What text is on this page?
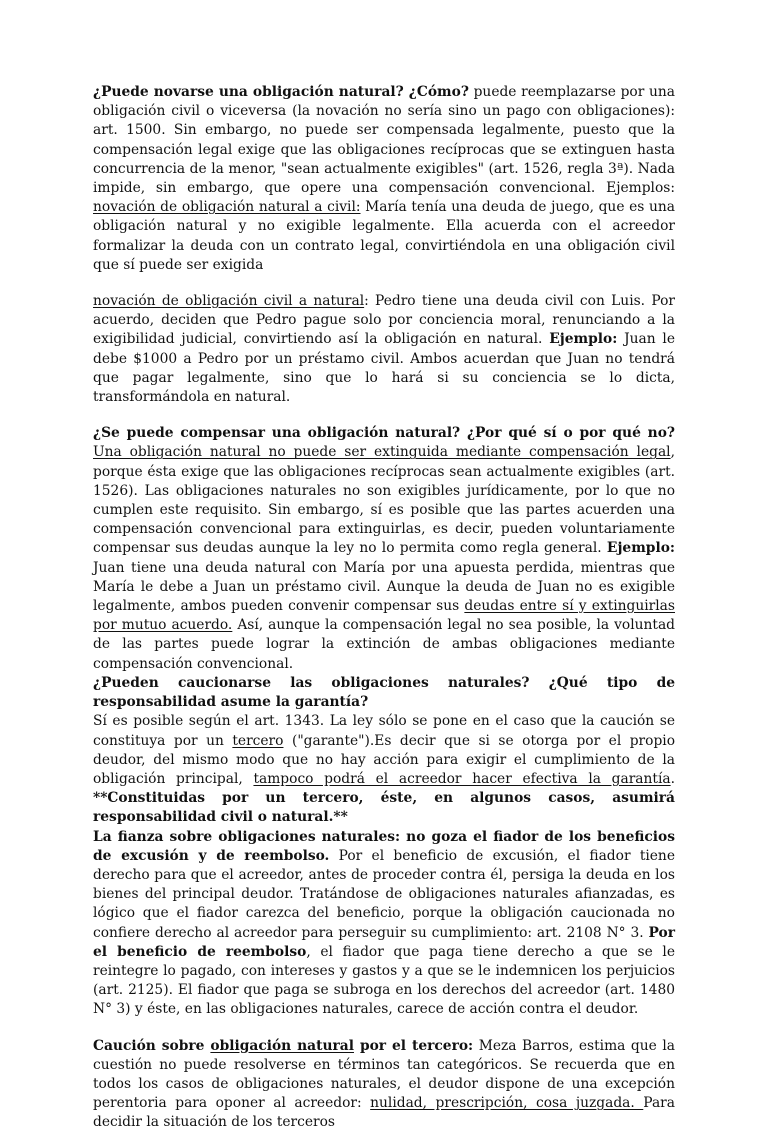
¿Puede novarse una obligación natural? ¿Cómo? puede reemplazarse por una obligación civil o viceversa (la novación no sería sino un pago con obligaciones): art. 1500. Sin embargo, no puede ser compensada legalmente, puesto que la compensación legal exige que las obligaciones recíprocas que se extinguen hasta concurrencia de la menor, "sean actualmente exigibles" (art. 1526, regla 3ª). Nada impide, sin embargo, que opere una compensación convencional. Ejemplos: novación de obligación natural a civil: María tenía una deuda de juego, que es una obligación natural y no exigible legalmente. Ella acuerda con el acreedor formalizar la deuda con un contrato legal, convirtiéndola en una obligación civil que sí puede ser exigida

novación de obligación civil a natural: Pedro tiene una deuda civil con Luis. Por acuerdo, deciden que Pedro pague solo por conciencia moral, renunciando a la exigibilidad judicial, convirtiendo así la obligación en natural. Ejemplo: Juan le debe $1000 a Pedro por un préstamo civil. Ambos acuerdan que Juan no tendrá que pagar legalmente, sino que lo hará si su conciencia se lo dicta, transformándola en natural.

¿Se puede compensar una obligación natural? ¿Por qué sí o por qué no? Una obligación natural no puede ser extinguida mediante compensación legal, porque ésta exige que las obligaciones recíprocas sean actualmente exigibles (art. 1526). Las obligaciones naturales no son exigibles jurídicamente, por lo que no cumplen este requisito. Sin embargo, sí es posible que las partes acuerden una compensación convencional para extinguirlas, es decir, pueden voluntariamente compensar sus deudas aunque la ley no lo permita como regla general. Ejemplo: Juan tiene una deuda natural con María por una apuesta perdida, mientras que María le debe a Juan un préstamo civil. Aunque la deuda de Juan no es exigible legalmente, ambos pueden convenir compensar sus deudas entre sí y extinguirlas por mutuo acuerdo. Así, aunque la compensación legal no sea posible, la voluntad de las partes puede lograr la extinción de ambas obligaciones mediante compensación convencional.

¿Pueden caucionarse las obligaciones naturales? ¿Qué tipo de responsabilidad asume la garantía?

Sí es posible según el art. 1343. La ley sólo se pone en el caso que la caución se constituya por un tercero ("garante").Es decir que si se otorga por el propio deudor, del mismo modo que no hay acción para exigir el cumplimiento de la obligación principal, tampoco podrá el acreedor hacer efectiva la garantía. **Constituidas por un tercero, éste, en algunos casos, asumirá responsabilidad civil o natural.**

La fianza sobre obligaciones naturales: no goza el fiador de los beneficios de excusión y de reembolso. Por el beneficio de excusión, el fiador tiene derecho para que el acreedor, antes de proceder contra él, persiga la deuda en los bienes del principal deudor. Tratándose de obligaciones naturales afianzadas, es lógico que el fiador carezca del beneficio, porque la obligación caucionada no confiere derecho al acreedor para perseguir su cumplimiento: art. 2108 N° 3. Por el beneficio de reembolso, el fiador que paga tiene derecho a que se le reintegre lo pagado, con intereses y gastos y a que se le indemnicen los perjuicios (art. 2125). El fiador que paga se subroga en los derechos del acreedor (art. 1480 N° 3) y éste, en las obligaciones naturales, carece de acción contra el deudor.

Caución sobre obligación natural por el tercero: Meza Barros, estima que la cuestión no puede resolverse en términos tan categóricos. Se recuerda que en todos los casos de obligaciones naturales, el deudor dispone de una excepción perentoria para oponer al acreedor: nulidad, prescripción, cosa juzgada. Para decidir la situación de los terceros
